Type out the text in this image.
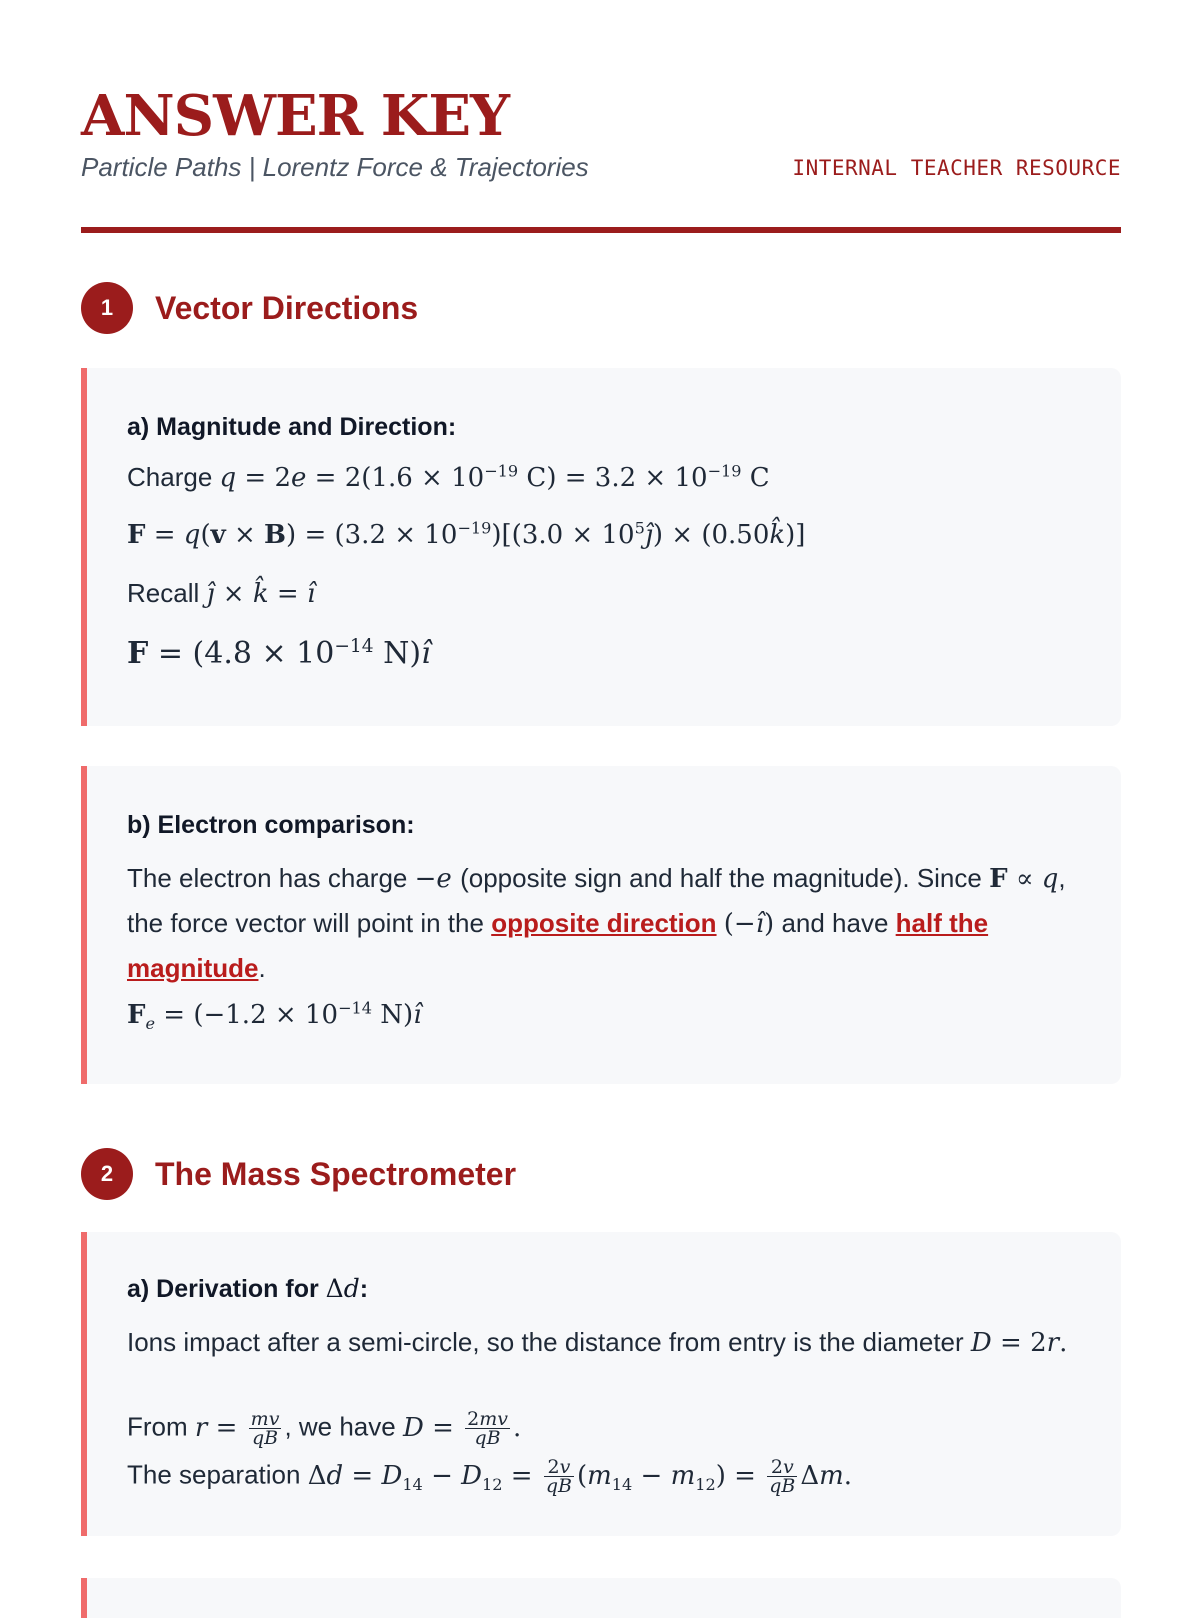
ANSWER KEY
Particle Paths | Lorentz Force & Trajectories	INTERNAL TEACHER RESOURCE
1	Vector Directions
a) Magnitude and Direction:
Charge $q = 2e = 2(1.6 \times 10^{-19}$ $C) = 3.2 \times 10^{-19}$ C
$F = q(v \times B) = (3.2 \times 10^{-19})[(3.0$ × $10^5ĵ$) × (0.50k̂)]
Recall ĵ × k̂ = î
$F = (4.8 \times 10^{-14}$ N)î
b) Electron comparison:
The electron has charge −e (opposite sign and half the magnitude). Since F ∝ q, the force vector will point in the opposite direction (−î) and have half the magnitude.
$F_e = (-1.2 \times 10^{-14}$ N)î
2	The Mass Spectrometer
a) Derivation for Δd:
Ions impact after a semi-circle, so the distance from entry is the diameter D = 2r.
From $r = \frac{mv}{qB}$ , we have $D = \frac{2mv}{qB}$ .
The separation $\Delta d = D_{14} - D_{12} = \frac{2v}{qB} (m_{14} - m_{12}) = \frac{2v}{qB} \Delta m$.
